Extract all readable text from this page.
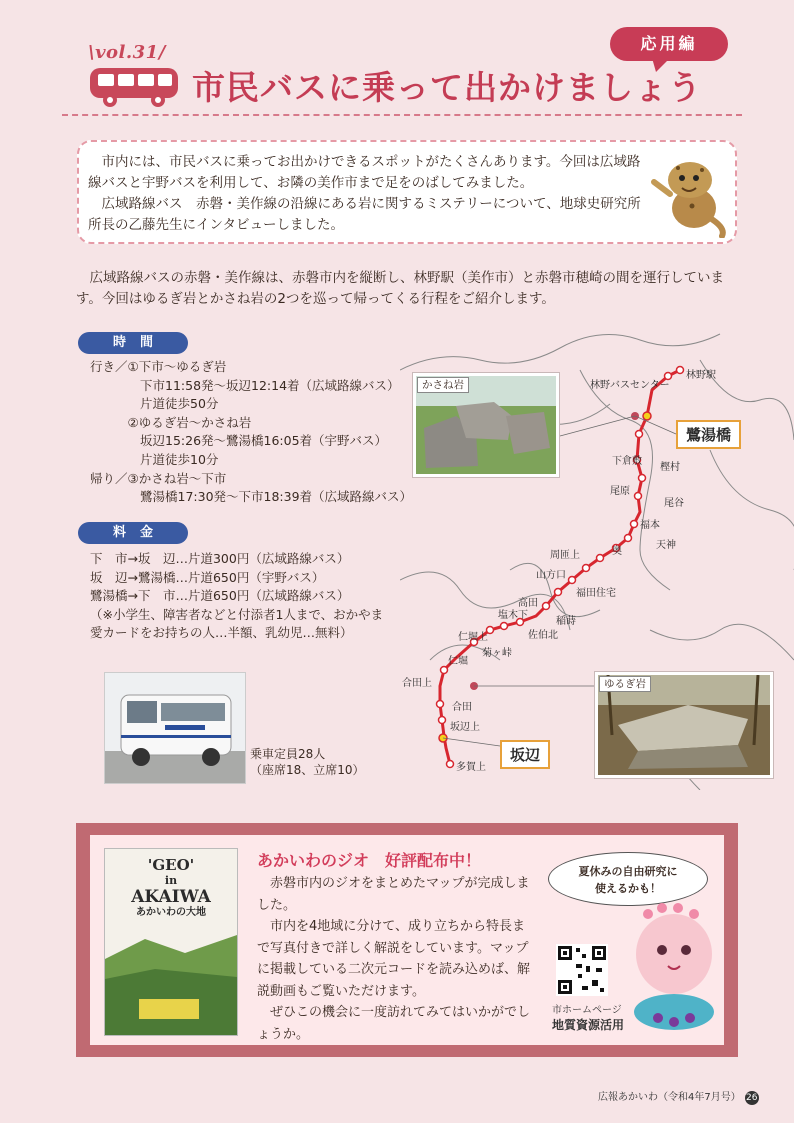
\vol.31/
市民バスに乗って出かけましょう
応用編

市内には、市民バスに乗ってお出かけできるスポットがたくさんあります。今回は広域路線バスと宇野バスを利用して、お隣の美作市まで足をのばしてみました。

広域路線バス　赤磐・美作線の沿線にある岩に関するミステリーについて、地球史研究所所長の乙藤先生にインタビューしました。

広域路線バスの赤磐・美作線は、赤磐市内を縦断し、林野駅（美作市）と赤磐市穂崎の間を運行しています。今回はゆるぎ岩とかさね岩の2つを巡って帰ってくる行程をご紹介します。

時間
行き／①下市〜ゆるぎ岩
　　　　下市11:58発〜坂辺12:14着（広域路線バス）
　　　　片道徒歩50分
　　　②ゆるぎ岩〜かさね岩
　　　　坂辺15:26発〜鷺湯橋16:05着（宇野バス）
　　　　片道徒歩10分
帰り／③かさね岩〜下市
　　　　鷺湯橋17:30発〜下市18:39着（広域路線バス）
料金
下　市→坂　辺…片道300円（広域路線バス）
坂　辺→鷺湯橋…片道650円（宇野バス）
鷺湯橋→下　市…片道650円（広域路線バス）
（※小学生、障害者などと付添者1人まで、おかやま
愛カードをお持ちの人…半額、乳幼児…無料）
乗車定員28人
（座席18、立席10）
林野駅
林野バスセンター
下倉敷
樫村
尾原
尾谷
福本
天神
奥
周匝上
山方口
福田住宅
高田
稲蒔
塩木下
佐伯北
仁堀上
菊ヶ峠
仁堀
合田上
合田
坂辺上
多賀上
かさね岩
ゆるぎ岩
鷺湯橋
坂辺
'GEO'
in
AKAIWA
あかいわの大地
あかいわのジオ　好評配布中！

赤磐市内のジオをまとめたマップが完成しました。

市内を4地域に分けて、成り立ちから特長まで写真付きで詳しく解説をしています。マップに掲載している二次元コードを読み込めば、解説動画もご覧いただけます。

ぜひこの機会に一度訪れてみてはいかがでしょうか。

夏休みの自由研究に
使えるかも！
市ホームページ
地質資源活用
広報あかいわ（令和4年7月号） 26
